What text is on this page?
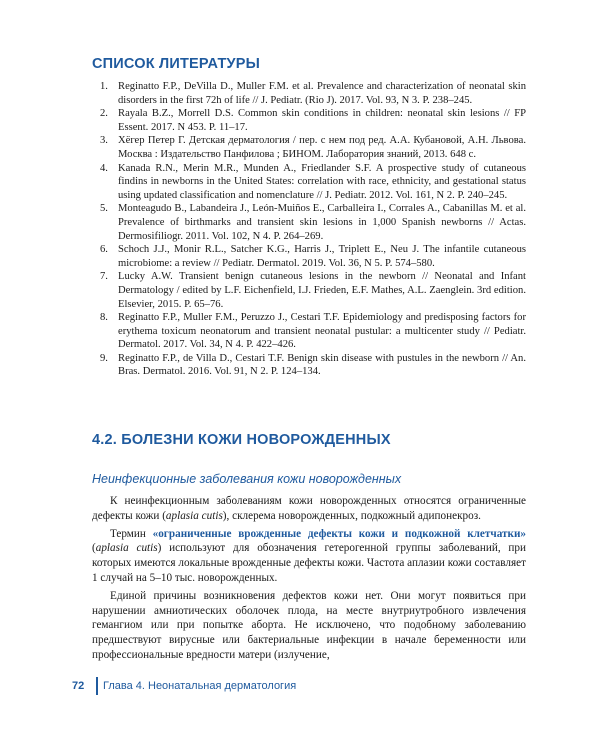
СПИСОК ЛИТЕРАТУРЫ
1. Reginatto F.P., DeVilla D., Muller F.M. et al. Prevalence and characterization of neonatal skin disorders in the first 72h of life // J. Pediatr. (Rio J). 2017. Vol. 93, N 3. P. 238–245.
2. Rayala B.Z., Morrell D.S. Common skin conditions in children: neonatal skin lesions // FP Essent. 2017. N 453. P. 11–17.
3. Хёгер Петер Г. Детская дерматология / пер. с нем под ред. А.А. Кубановой, А.Н. Львова. Москва : Издательство Панфилова ; БИНОМ. Лаборатория знаний, 2013. 648 с.
4. Kanada R.N., Merin M.R., Munden A., Friedlander S.F. A prospective study of cutaneous findins in newborns in the United States: correlation with race, ethnicity, and gestational status using updated classification and nomenclature // J. Pediatr. 2012. Vol. 161, N 2. P. 240–245.
5. Monteagudo B., Labandeira J., León-Muiños E., Carballeira I., Corrales A., Cabanillas M. et al. Prevalence of birthmarks and transient skin lesions in 1,000 Spanish newborns // Actas. Dermosifiliogr. 2011. Vol. 102, N 4. P. 264–269.
6. Schoch J.J., Monir R.L., Satcher K.G., Harris J., Triplett E., Neu J. The infantile cutaneous microbiome: a review // Pediatr. Dermatol. 2019. Vol. 36, N 5. P. 574–580.
7. Lucky A.W. Transient benign cutaneous lesions in the newborn // Neonatal and Infant Dermatology / edited by L.F. Eichenfield, I.J. Frieden, E.F. Mathes, A.L. Zaenglein. 3rd edition. Elsevier, 2015. P. 65–76.
8. Reginatto F.P., Muller F.M., Peruzzo J., Cestari T.F. Epidemiology and predisposing factors for erythema toxicum neonatorum and transient neonatal pustular: a multicenter study // Pediatr. Dermatol. 2017. Vol. 34, N 4. P. 422–426.
9. Reginatto F.P., de Villa D., Cestari T.F. Benign skin disease with pustules in the newborn // An. Bras. Dermatol. 2016. Vol. 91, N 2. P. 124–134.
4.2. БОЛЕЗНИ КОЖИ НОВОРОЖДЕННЫХ
Неинфекционные заболевания кожи новорожденных

К неинфекционным заболеваниям кожи новорожденных относятся ограниченные дефекты кожи (aplasia cutis), склерема новорожденных, подкожный адипонекроз.

Термин «ограниченные врожденные дефекты кожи и подкожной клетчатки» (aplasia cutis) используют для обозначения гетерогенной группы заболеваний, при которых имеются локальные врожденные дефекты кожи. Частота аплазии кожи составляет 1 случай на 5–10 тыс. новорожденных.

Единой причины возникновения дефектов кожи нет. Они могут появиться при нарушении амниотических оболочек плода, на месте внутриутробного извлечения гемангиом или при попытке аборта. Не исключено, что подобному заболеванию предшествуют вирусные или бактериальные инфекции в начале беременности или профессиональные вредности матери (излучение,

72 Глава 4. Неонатальная дерматология
